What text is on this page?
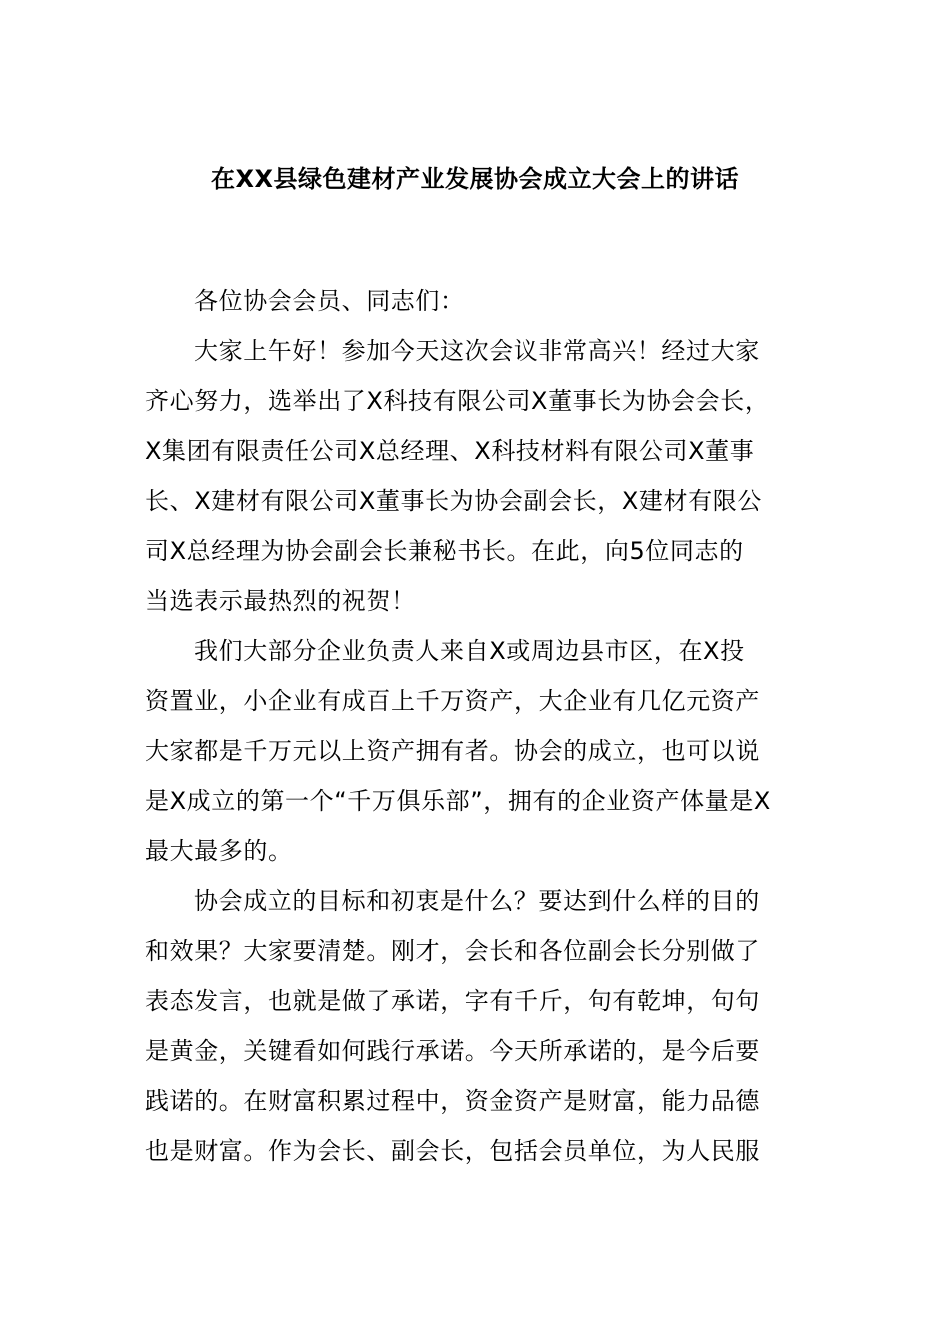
在XX县绿色建材产业发展协会成立大会上的讲话
各位协会会员、同志们：
大家上午好！参加今天这次会议非常高兴！经过大家
齐心努力，选举出了X科技有限公司X董事长为协会会长，
X集团有限责任公司X总经理、X科技材料有限公司X董事
长、X建材有限公司X董事长为协会副会长，X建材有限公
司X总经理为协会副会长兼秘书长。在此，向5位同志的
当选表示最热烈的祝贺！
我们大部分企业负责人来自X或周边县市区，在X投
资置业，小企业有成百上千万资产，大企业有几亿元资产
大家都是千万元以上资产拥有者。协会的成立，也可以说
是X成立的第一个“千万俱乐部”，拥有的企业资产体量是X
最大最多的。
协会成立的目标和初衷是什么？要达到什么样的目的
和效果？大家要清楚。刚才，会长和各位副会长分别做了
表态发言，也就是做了承诺，字有千斤，句有乾坤，句句
是黄金，关键看如何践行承诺。今天所承诺的，是今后要
践诺的。在财富积累过程中，资金资产是财富，能力品德
也是财富。作为会长、副会长，包括会员单位，为人民服
